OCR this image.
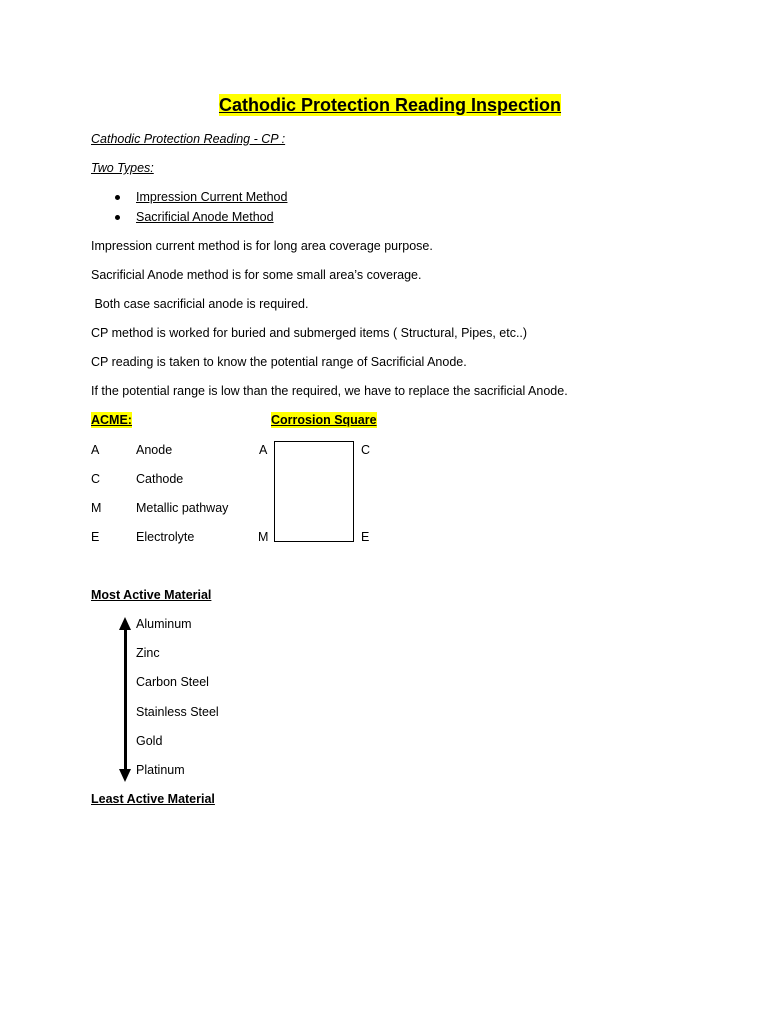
Cathodic Protection Reading Inspection
Cathodic Protection Reading - CP :
Two Types:
Impression Current Method
Sacrificial Anode Method
Impression current method is for long area coverage purpose.
Sacrificial Anode method is for some small area’s coverage.
Both case sacrificial anode is required.
CP method is worked for buried and submerged items ( Structural, Pipes, etc..)
CP reading is taken to know the potential range of Sacrificial Anode.
If the potential range is low than the required, we have to replace the sacrificial Anode.
ACME:	Corrosion Square
A	Anode
C	Cathode
M	Metallic pathway
E	Electrolyte
A	C
M	E
Most Active Material
Aluminum
Zinc
Carbon Steel
Stainless Steel
Gold
Platinum
Least Active Material
